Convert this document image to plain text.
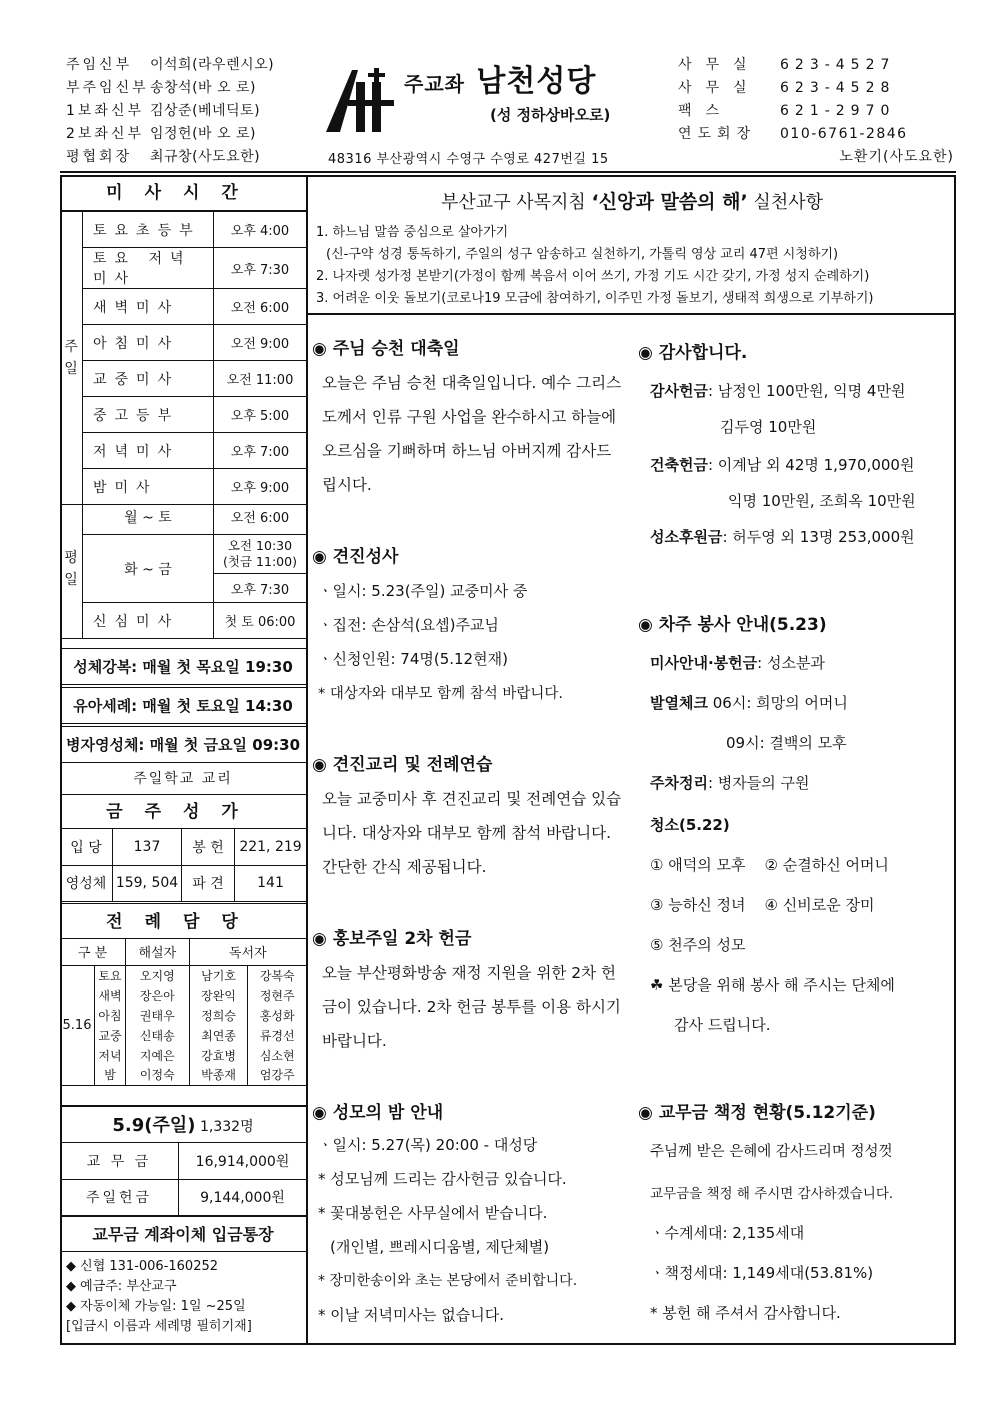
주임신부 이석희(라우렌시오)
부주임신부송창석(바 오 로)
1보좌신부 김상준(베네딕토)
2보좌신부 임정헌(바 오 로)
평협회장 최규창(사도요한)
주교좌 남천성당
(성 정하상바오로)
48316 부산광역시 수영구 수영로 427번길 15
사무실 623-4527
사무실 623-4528
팩스	621-2970
연도회장 010-6761-2846
노환기(사도요한)
미사시간
주일	토요초등부	오후 4:00
	토요 저녁미사	오후 7:30
	새벽미사	오전 6:00
	아침미사	오전 9:00
	교중미사	오전 11:00
	중고등부	오후 5:00
	저녁미사	오후 7:00
	밤미사	오후 9:00
평일	월 ~ 토	오전 6:00
	화 ~ 금	오전 10:30
(첫금 11:00)
		오후 7:30
	신심미사	첫 토 06:00
성체강복: 매월 첫 목요일 19:30
유아세례: 매월 첫 토요일 14:30
병자영성체: 매월 첫 금요일 09:30
주일학교 교리
금주성가
입 당	137	봉 헌	221, 219
영성체	159, 504	파 견	141
전례담당
구 분		해설자	독서자	
5.16	토요	오지영	남기호	강복숙
	새벽	장은아	장완익	정현주
	아침	권태우	정희승	홍성화
	교중	신태송	최연종	류경선
	저녁	지예은	강효병	심소현
	밤	이정숙	박종재	엄강주
5.9(주일) 1,332명
교 무 금	16,914,000원
주일헌금	9,144,000원
교무금 계좌이체 입금통장
◆ 신협 131-006-160252
◆ 예금주: 부산교구
◆ 자동이체 가능일: 1일 ~25일
[입금시 이름과 세례명 필히기재]
부산교구 사목지침 ‘신앙과 말씀의 해’ 실천사항
1. 하느님 말씀 중심으로 살아가기
(신-구약 성경 통독하기, 주일의 성구 암송하고 실천하기, 가톨릭 영상 교리 47편 시청하기)
2. 나자렛 성가정 본받기(가정이 함께 복음서 이어 쓰기, 가정 기도 시간 갖기, 가정 성지 순례하기)
3. 어려운 이웃 돌보기(코로나19 모금에 참여하기, 이주민 가정 돌보기, 생태적 희생으로 기부하기)
◉ 주님 승천 대축일
오늘은 주님 승천 대축일입니다. 예수 그리스도께서 인류 구원 사업을 완수하시고 하늘에 오르심을 기뻐하며 하느님 아버지께 감사드립시다.
◉ 견진성사
ㆍ일시: 5.23(주일) 교중미사 중
ㆍ집전: 손삼석(요셉)주교님
ㆍ신청인원: 74명(5.12현재)
* 대상자와 대부모 함께 참석 바랍니다.
◉ 견진교리 및 전례연습
오늘 교중미사 후 견진교리 및 전례연습 있습니다. 대상자와 대부모 함께 참석 바랍니다. 간단한 간식 제공됩니다.
◉ 홍보주일 2차 헌금
오늘 부산평화방송 재정 지원을 위한 2차 헌금이 있습니다. 2차 헌금 봉투를 이용 하시기 바랍니다.
◉ 성모의 밤 안내
ㆍ일시: 5.27(목) 20:00 - 대성당
* 성모님께 드리는 감사헌금 있습니다.
* 꽃대봉헌은 사무실에서 받습니다.
(개인별, 쁘레시디움별, 제단체별)
* 장미한송이와 초는 본당에서 준비합니다.
* 이날 저녁미사는 없습니다.
◉ 감사합니다.
감사헌금: 남정인 100만원, 익명 4만원
김두영 10만원
건축헌금: 이계남 외 42명 1,970,000원
익명 10만원, 조희옥 10만원
성소후원금: 허두영 외 13명 253,000원
◉ 차주 봉사 안내(5.23)
미사안내·봉헌금: 성소분과
발열체크 06시: 희망의 어머니
09시: 결백의 모후
주차정리: 병자들의 구원
청소(5.22)
① 애덕의 모후    ② 순결하신 어머니
③ 능하신 정녀    ④ 신비로운 장미
⑤ 천주의 성모
☘ 본당을 위해 봉사 해 주시는 단체에
감사 드립니다.
◉ 교무금 책정 현황(5.12기준)
주님께 받은 은혜에 감사드리며 정성껏
교무금을 책정 해 주시면 감사하겠습니다.
ㆍ수계세대: 2,135세대
ㆍ책정세대: 1,149세대(53.81%)
* 봉헌 해 주셔서 감사합니다.
